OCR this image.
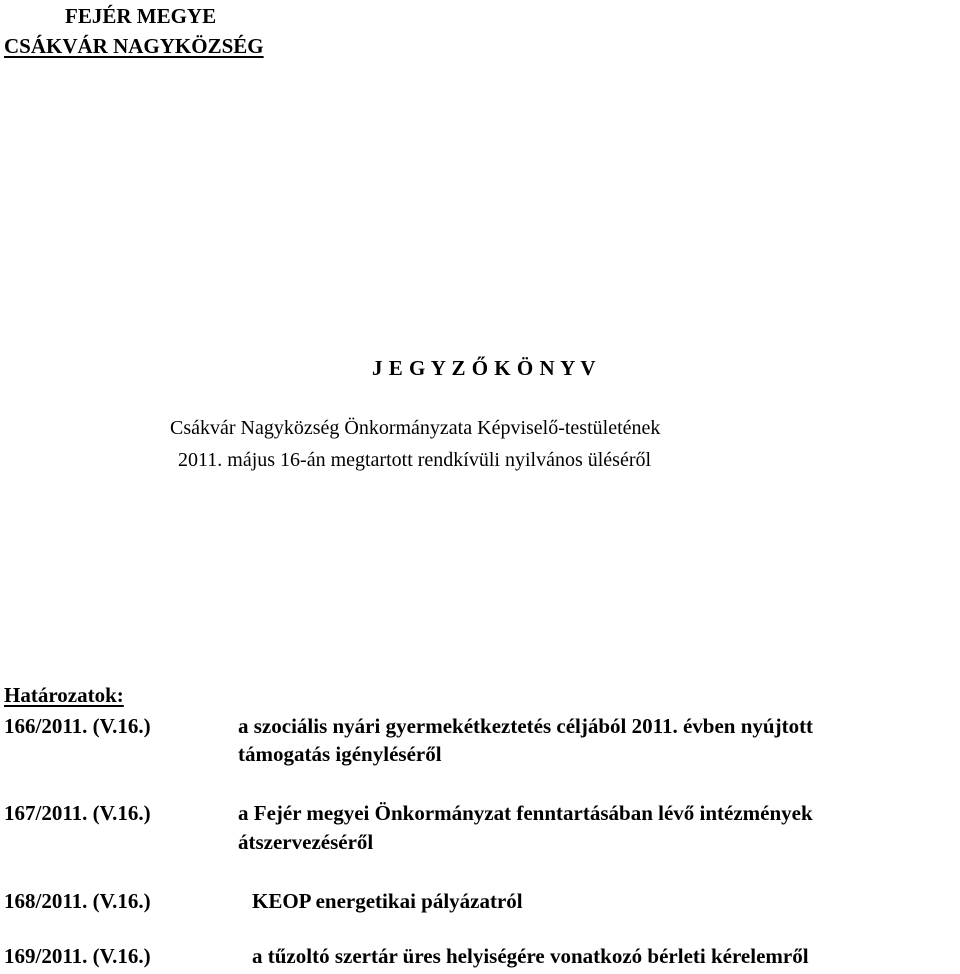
FEJÉR MEGYE
CSÁKVÁR NAGYKÖZSÉG
J E G Y Z Ő K Ö N Y V
Csákvár Nagyközség Önkormányzata Képviselő-testületének
2011. május 16-án megtartott rendkívüli nyilvános üléséről
Határozatok:
166/2011. (V.16.)	a szociális nyári gyermekétkeztetés céljából 2011. évben nyújtott
támogatás igényléséről
167/2011. (V.16.)	a Fejér megyei Önkormányzat fenntartásában lévő intézmények
átszervezéséről
168/2011. (V.16.)	KEOP energetikai pályázatról
169/2011. (V.16.)	a tűzoltó szertár üres helyiségére vonatkozó bérleti kérelemről
